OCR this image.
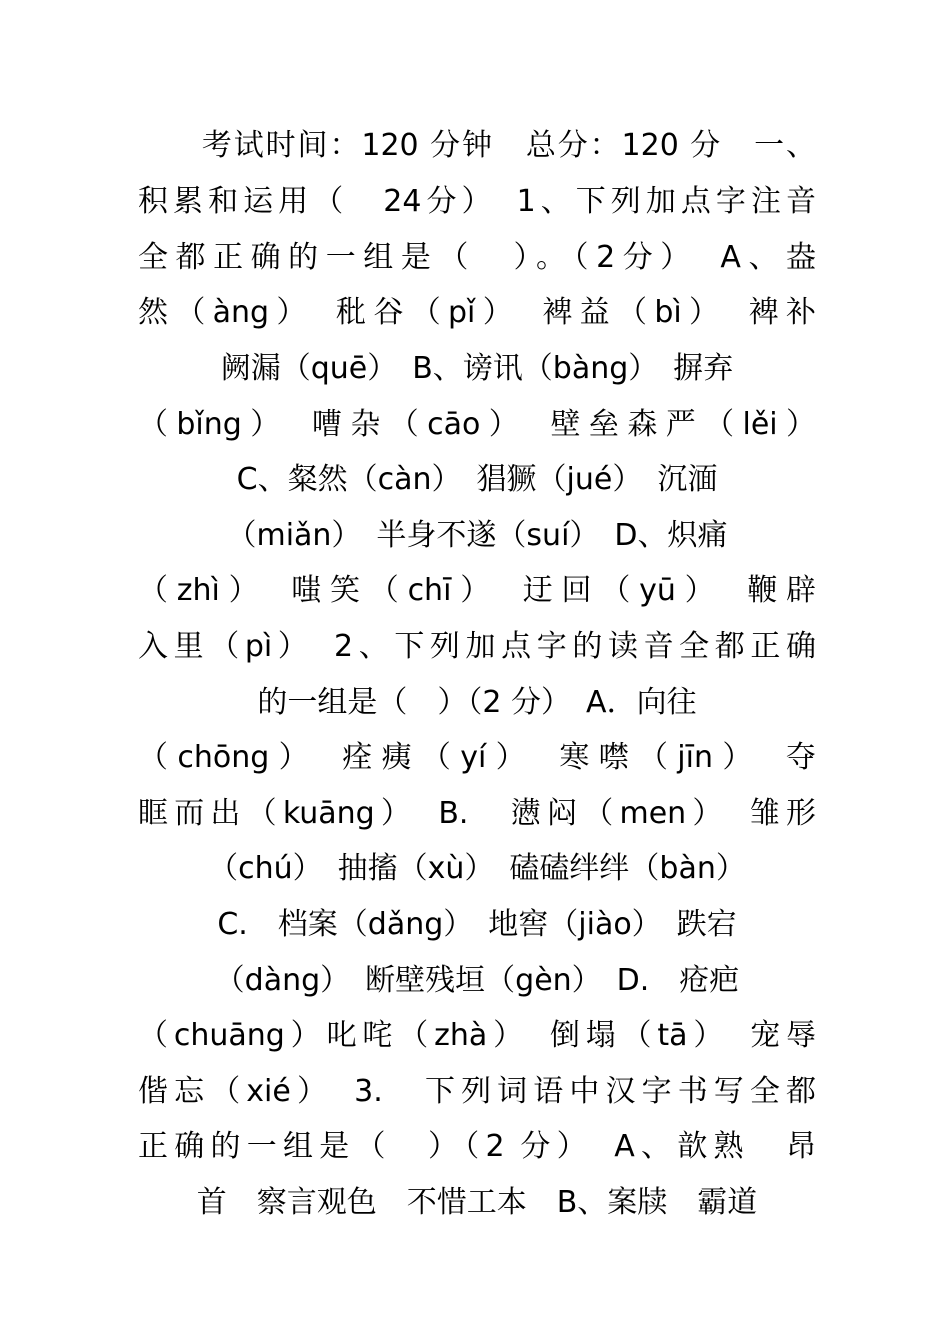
　　考试时间：120 分钟　总分：120 分　一、
积累和运用（　24分）　1、下列加点字注音
全都正确的一组是（　）。（2分）　A、盎
然（àng）　秕谷（pǐ）　裨益（bì）　裨补
阙漏（quē）　B、谤讯（bàng）　摒弃
（bǐng）　嘈杂（cāo）　壁垒森严（lěi）
C、粲然（càn）　猖獗（jué）　沉湎
（miǎn）　半身不遂（suí）　D、炽痛
（zhì）　嗤笑（chī）　迂回（yū）　鞭辟
入里（pì）　2、下列加点字的读音全都正确
的一组是（　）（2 分）　A．向往
（chōng）　痊痍（yí）　寒噤（jīn）　夺
眶而出（kuāng）　B.　懑闷（men）　雏形
（chú）　抽搐（xù）　磕磕绊绊（bàn）
C.　档案（dǎng）　地窖（jiào）　跌宕
（dàng）　断壁残垣（gèn）　D.　疮疤
（chuāng）叱咤（zhà）　倒塌（tā）　宠辱
偕忘（xié）　3.　下列词语中汉字书写全都
正确的一组是（　）（2 分）　A、歆熟　昂
首　察言观色　不惜工本　B、案牍　霸道
